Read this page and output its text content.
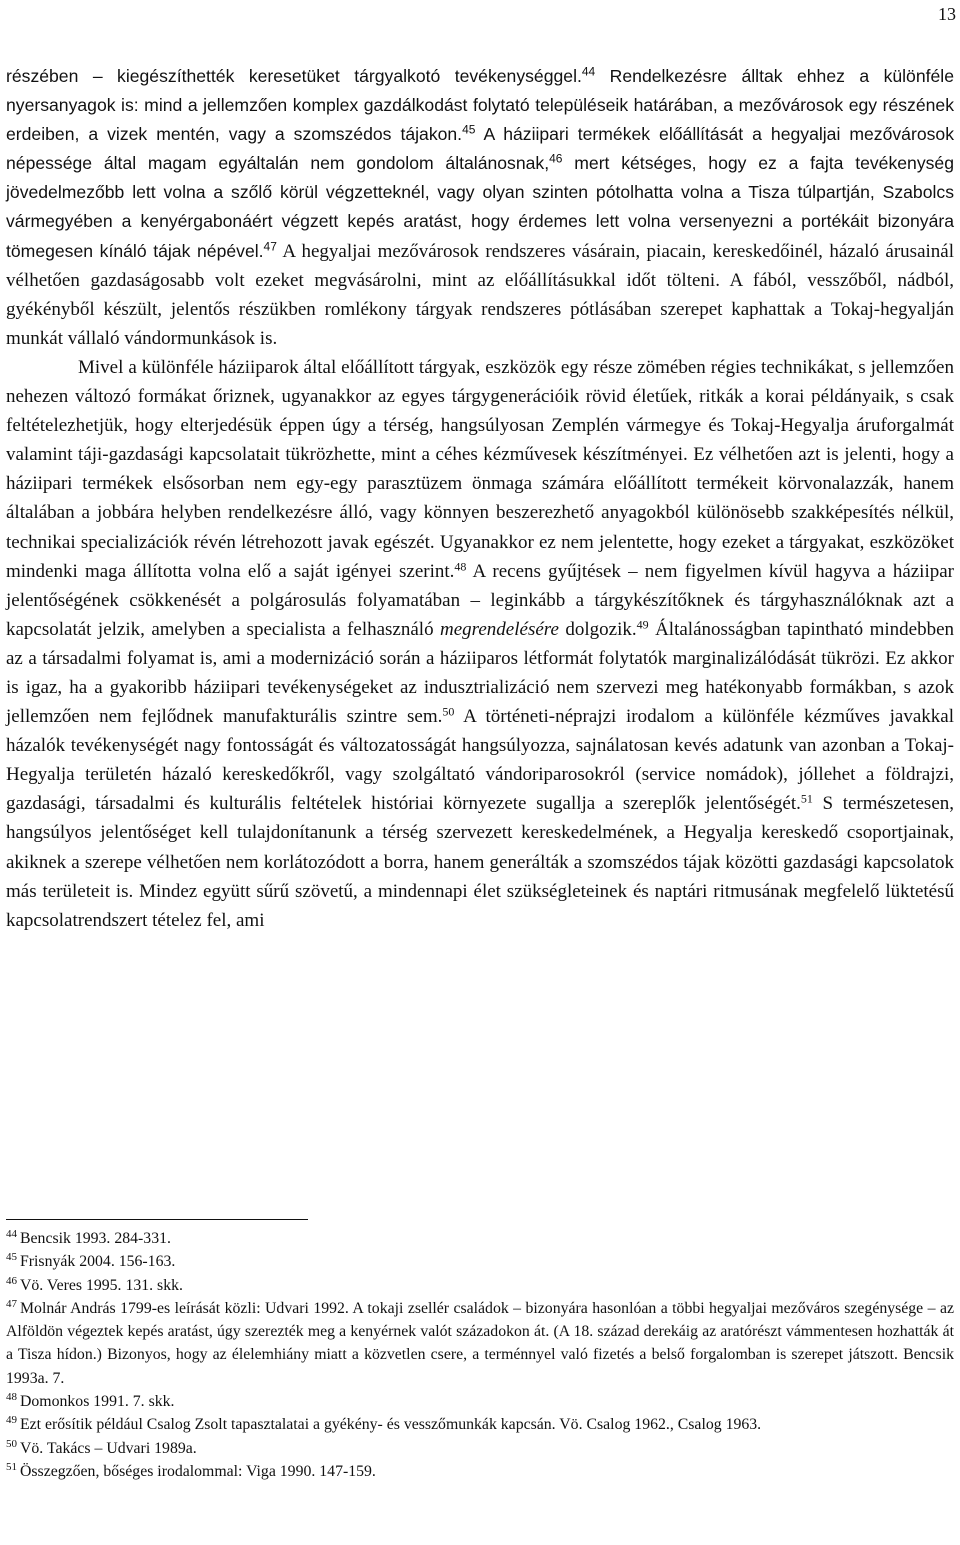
13

részében – kiegészíthették keresetüket tárgyalkotó tevékenységgel.$^{44}$ Rendelkezésre álltak ehhez a különféle nyersanyagok is: mind a jellemzően komplex gazdálkodást folytató településeik határában, a mezővárosok egy részének erdeiben, a vizek mentén, vagy a szomszédos tájakon.$^{45}$ A háziipari termékek előállítását a hegyaljai mezővárosok népessége által magam egyáltalán nem gondolom általánosnak,$^{46}$ mert kétséges, hogy ez a fajta tevékenység jövedelmezőbb lett volna a szőlő körül végzetteknél, vagy olyan szinten pótolhatta volna a Tisza túlpartján, Szabolcs vármegyében a kenyérgabonáért végzett kepés aratást, hogy érdemes lett volna versenyezni a portékáit bizonyára tömegesen kínáló tájak népével.$^{47}$ A hegyaljai mezővárosok rendszeres vásárain, piacain, kereskedőinél, házaló árusainál vélhetően gazdaságosabb volt ezeket megvásárolni, mint az előállításukkal időt tölteni. A fából, vesszőből, nádból, gyékényből készült, jelentős részükben romlékony tárgyak rendszeres pótlásában szerepet kaphattak a Tokaj-hegyalján munkát vállaló vándormunkások is.

Mivel a különféle háziiparok által előállított tárgyak, eszközök egy része zömében régies technikákat, s jellemzően nehezen változó formákat őriznek, ugyanakkor az egyes tárgygenerációik rövid életűek, ritkák a korai példányaik, s csak feltételezhetjük, hogy elterjedésük éppen úgy a térség, hangsúlyosan Zemplén vármegye és Tokaj-Hegyalja áruforgalmát valamint táji-gazdasági kapcsolatait tükrözhette, mint a céhes kézművesek készítményei. Ez vélhetően azt is jelenti, hogy a háziipari termékek elsősorban nem egy-egy parasztüzem önmaga számára előállított termékeit körvonalazzák, hanem általában a jobbára helyben rendelkezésre álló, vagy könnyen beszerezhető anyagokból különösebb szakképesítés nélkül, technikai specializációk révén létrehozott javak egészét. Ugyanakkor ez nem jelentette, hogy ezeket a tárgyakat, eszközöket mindenki maga állította volna elő a saját igényei szerint.$^{48}$ A recens gyűjtések – nem figyelmen kívül hagyva a háziipar jelentőségének csökkenését a polgárosulás folyamatában – leginkább a tárgykészítőknek és tárgyhasználóknak azt a kapcsolatát jelzik, amelyben a specialista a felhasználó megrendelésére dolgozik.$^{49}$ Általánosságban tapintható mindebben az a társadalmi folyamat is, ami a modernizáció során a háziiparos létformát folytatók marginalizálódását tükrözi. Ez akkor is igaz, ha a gyakoribb háziipari tevékenységeket az indusztrializáció nem szervezi meg hatékonyabb formákban, s azok jellemzően nem fejlődnek manufakturális szintre sem.$^{50}$ A történeti-néprajzi irodalom a különféle kézműves javakkal házalók tevékenységét nagy fontosságát és változatosságát hangsúlyozza, sajnálatosan kevés adatunk van azonban a Tokaj-Hegyalja területén házaló kereskedőkről, vagy szolgáltató vándoriparosokról (service nomádok), jóllehet a földrajzi, gazdasági, társadalmi és kulturális feltételek históriai környezete sugallja a szereplők jelentőségét.$^{51}$ S természetesen, hangsúlyos jelentőséget kell tulajdonítanunk a térség szervezett kereskedelmének, a Hegyalja kereskedő csoportjainak, akiknek a szerepe vélhetően nem korlátozódott a borra, hanem generálták a szomszédos tájak közötti gazdasági kapcsolatok más területeit is. Mindez együtt sűrű szövetű, a mindennapi élet szükségleteinek és naptári ritmusának megfelelő lüktetésű kapcsolatrendszert tételez fel, ami

$^{44}$ Bencsik 1993. 284-331.

$^{45}$ Frisnyák 2004. 156-163.

$^{46}$ Vö. Veres 1995. 131. skk.

$^{47}$ Molnár András 1799-es leírását közli: Udvari 1992. A tokaji zsellér családok – bizonyára hasonlóan a többi hegyaljai mezőváros szegénysége – az Alföldön végeztek kepés aratást, úgy szerezték meg a kenyérnek valót századokon át. (A 18. század derekáig az aratórészt vámmentesen hozhatták át a Tisza hídon.) Bizonyos, hogy az élelemhiány miatt a közvetlen csere, a terménnyel való fizetés a belső forgalomban is szerepet játszott. Bencsik 1993a. 7.

$^{48}$ Domonkos 1991. 7. skk.

$^{49}$ Ezt erősítik például Csalog Zsolt tapasztalatai a gyékény- és vesszőmunkák kapcsán. Vö. Csalog 1962., Csalog 1963.

$^{50}$ Vö. Takács – Udvari 1989a.

$^{51}$ Összegzően, bőséges irodalommal: Viga 1990. 147-159.
